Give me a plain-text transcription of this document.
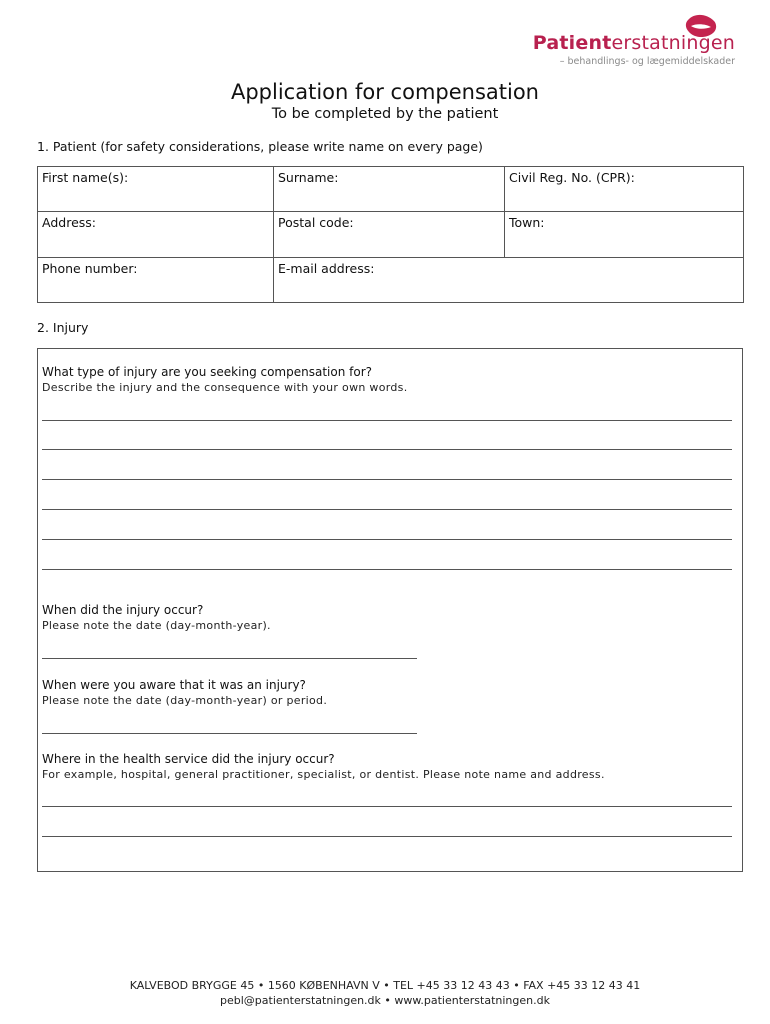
Patienterstatningen
– behandlings- og lægemiddelskader
Application for compensation
To be completed by the patient
1. Patient (for safety considerations, please write name on every page)
First name(s):	Surname:	Civil Reg. No. (CPR):
Address:	Postal code:	Town:
Phone number:	E-mail address:	
2. Injury
What type of injury are you seeking compensation for?
Describe the injury and the consequence with your own words.
When did the injury occur?
Please note the date (day-month-year).
When were you aware that it was an injury?
Please note the date (day-month-year) or period.
Where in the health service did the injury occur?
For example, hospital, general practitioner, specialist, or dentist. Please note name and address.
KALVEBOD BRYGGE 45 • 1560 KØBENHAVN V • TEL +45 33 12 43 43 • FAX +45 33 12 43 41
pebl@patienterstatningen.dk • www.patienterstatningen.dk
